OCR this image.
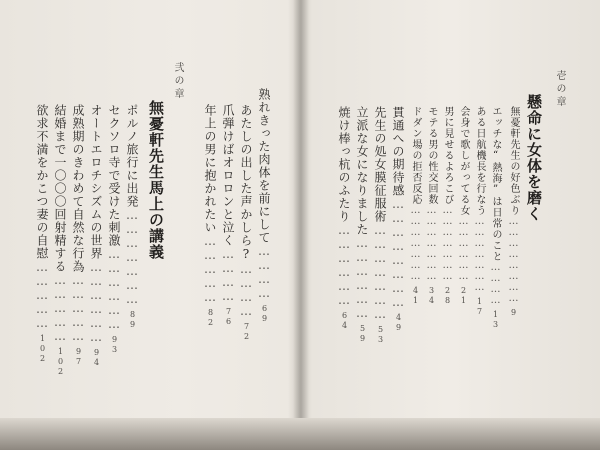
壱の章
懸命に女体を磨く
無憂軒先生の好色ぶり……………………9
エッチな“熱海”は日常のこと…………13
ある日航機長を行なう…………………17
会身で歌しがってる女………………21
男に見せるよろこび…………………28
モテる男の性交回数…………………34
ドダン場の拒否反応…………………41
貫通への期待感……………………49
先生の処女膜征服術…………………53
立派な女になりました………………59
焼け棒っ杭のふたり………………64
熟れきった肉体を前にして…………69
あたしの出した声かしら?…………72
爪弾けばオロロンと泣く…………76
年上の男に抱かれたい……………82
弐の章
無憂軒先生馬上の講義
ポルノ旅行に出発…………………89
セクソロ寺で受けた刺激………………93
オートエロチシズムの世界………………94
成熟期のきわめて自然な行為……………97
結婚まで一〇〇〇回射精する……………102
欲求不満をかこつ妻の自慰……………102
